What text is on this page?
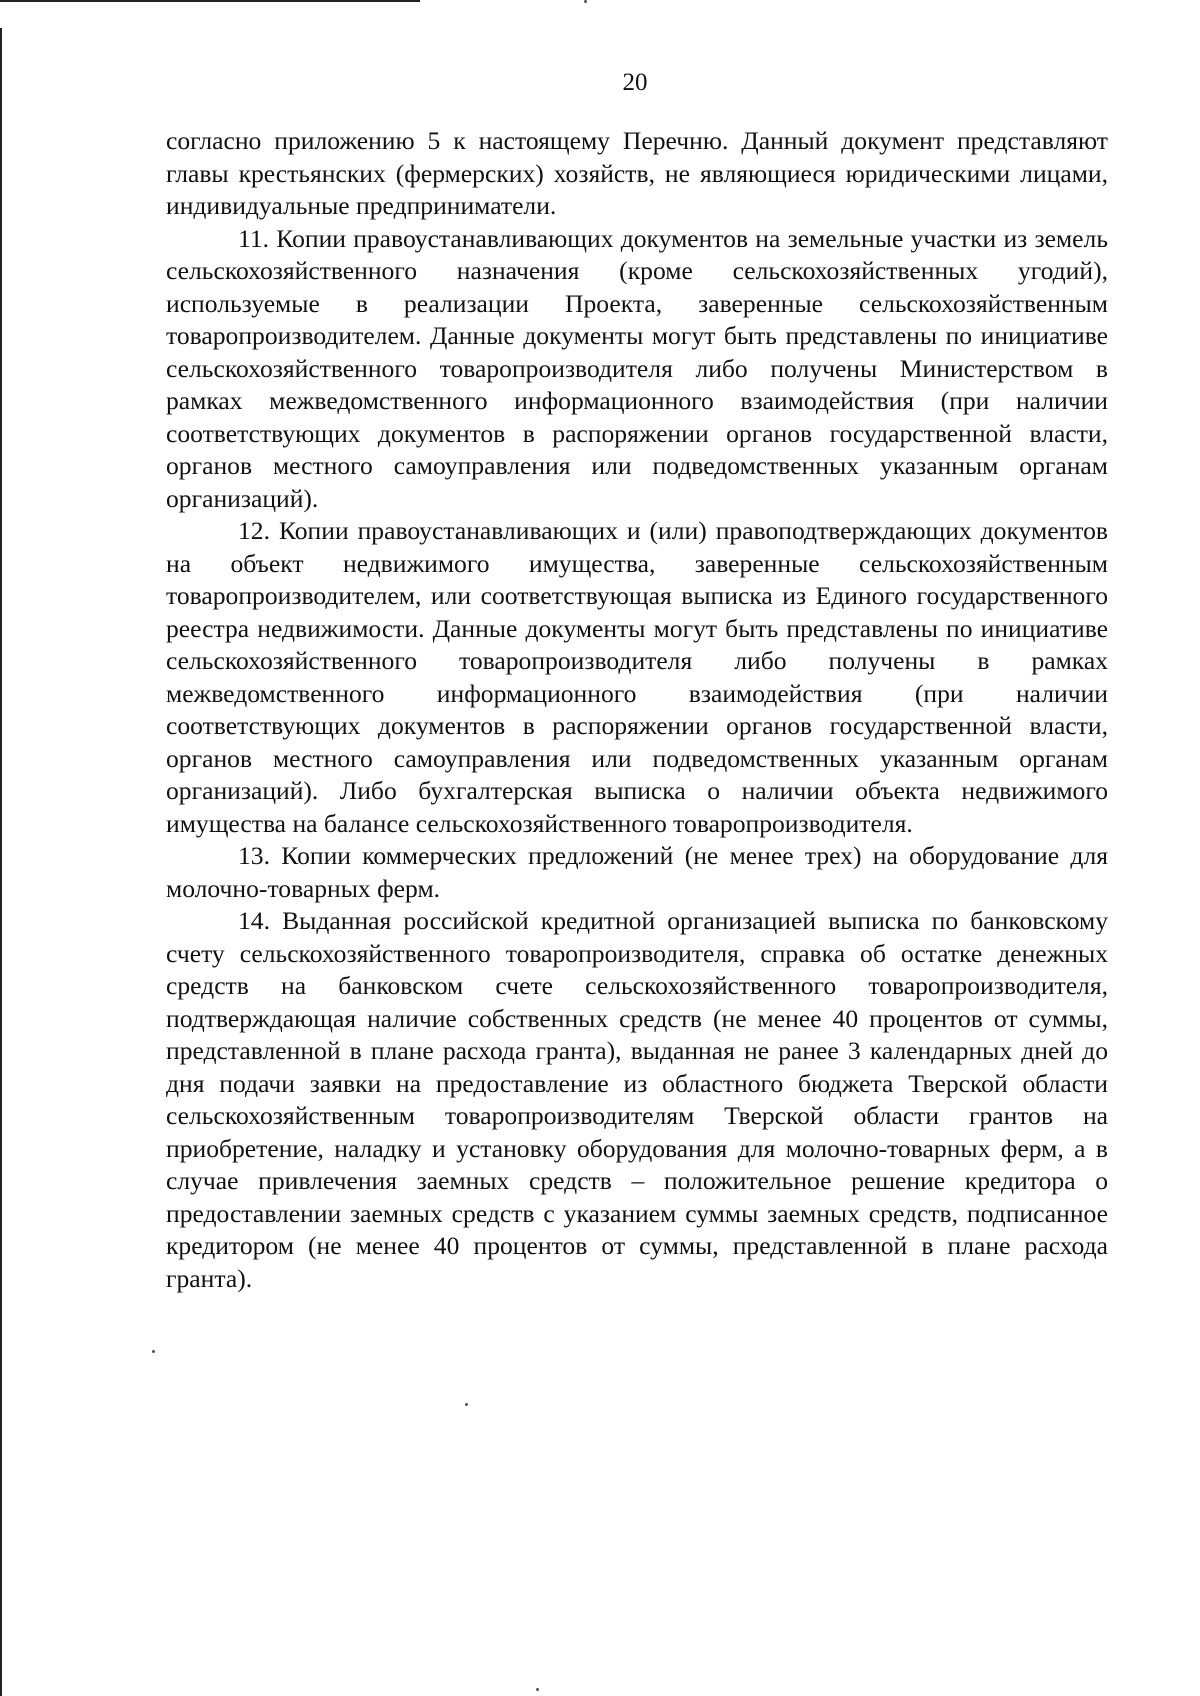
20

согласно приложению 5 к настоящему Перечню. Данный документ представляют главы крестьянских (фермерских) хозяйств, не являющиеся юридическими лицами, индивидуальные предприниматели.

11. Копии правоустанавливающих документов на земельные участки из земель сельскохозяйственного назначения (кроме сельскохозяйственных угодий), используемые в реализации Проекта, заверенные сельскохозяйственным товаропроизводителем. Данные документы могут быть представлены по инициативе сельскохозяйственного товаропроизводителя либо получены Министерством в рамках межведомственного информационного взаимодействия (при наличии соответствующих документов в распоряжении органов государственной власти, органов местного самоуправления или подведомственных указанным органам организаций).

12. Копии правоустанавливающих и (или) правоподтверждающих документов на объект недвижимого имущества, заверенные сельскохозяйственным товаропроизводителем, или соответствующая выписка из Единого государственного реестра недвижимости. Данные документы могут быть представлены по инициативе сельскохозяйственного товаропроизводителя либо получены в рамках межведомственного информационного взаимодействия (при наличии соответствующих документов в распоряжении органов государственной власти, органов местного самоуправления или подведомственных указанным органам организаций). Либо бухгалтерская выписка о наличии объекта недвижимого имущества на балансе сельскохозяйственного товаропроизводителя.

13. Копии коммерческих предложений (не менее трех) на оборудование для молочно-товарных ферм.

14. Выданная российской кредитной организацией выписка по банковскому счету сельскохозяйственного товаропроизводителя, справка об остатке денежных средств на банковском счете сельскохозяйственного товаропроизводителя, подтверждающая наличие собственных средств (не менее 40 процентов от суммы, представленной в плане расхода гранта), выданная не ранее 3 календарных дней до дня подачи заявки на предоставление из областного бюджета Тверской области сельскохозяйственным товаропроизводителям Тверской области грантов на приобретение, наладку и установку оборудования для молочно-товарных ферм, а в случае привлечения заемных средств – положительное решение кредитора о предоставлении заемных средств с указанием суммы заемных средств, подписанное кредитором (не менее 40 процентов от суммы, представленной в плане расхода гранта).
